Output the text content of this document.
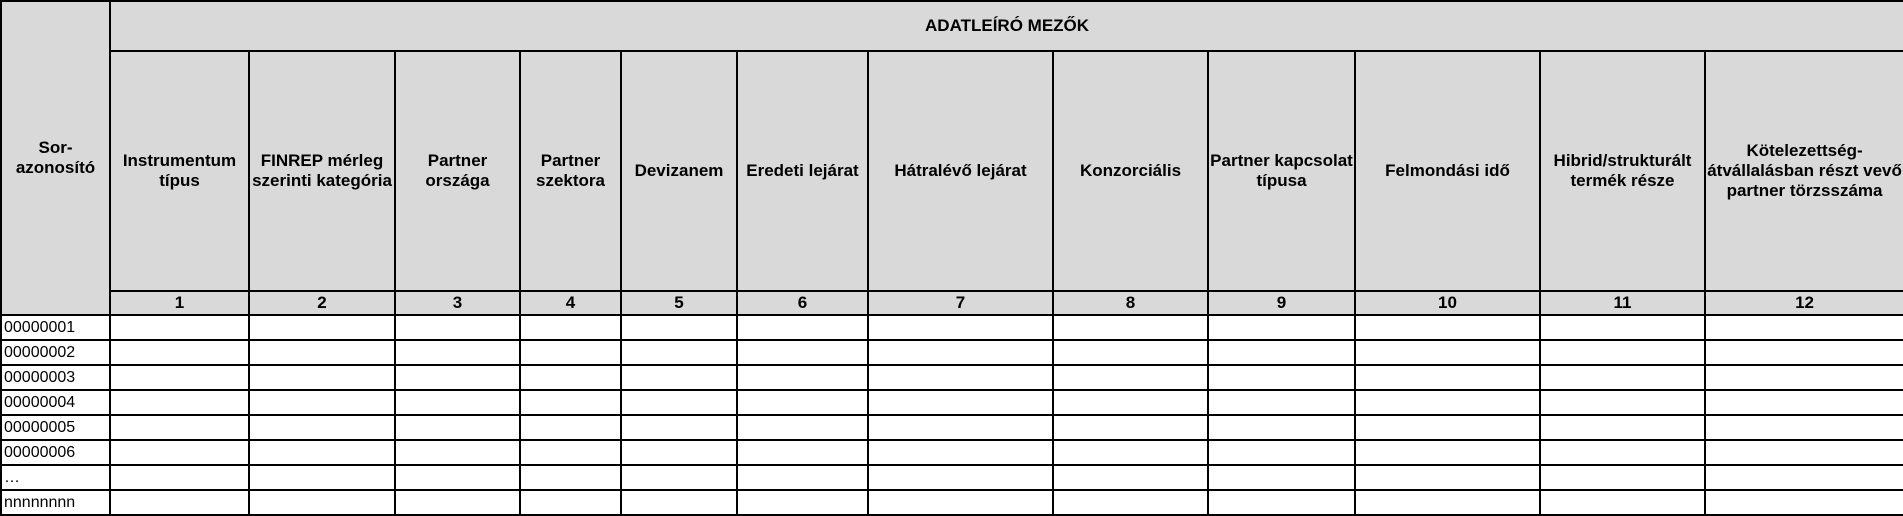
Sor-azonosító	ADATLEÍRÓ MEZŐK											
	Instrumentum típus	FINREP mérleg szerinti kategória	Partner országa	Partner szektora	Devizanem	Eredeti lejárat	Hátralévő lejárat	Konzorciális	Partner kapcsolat típusa	Felmondási idő	Hibrid/strukturált termék része	Kötelezettség-átvállalásban részt vevő partner törzsszáma
	1	2	3	4	5	6	7	8	9	10	11	12
00000001												
00000002												
00000003												
00000004												
00000005												
00000006												
…												
nnnnnnnn												
